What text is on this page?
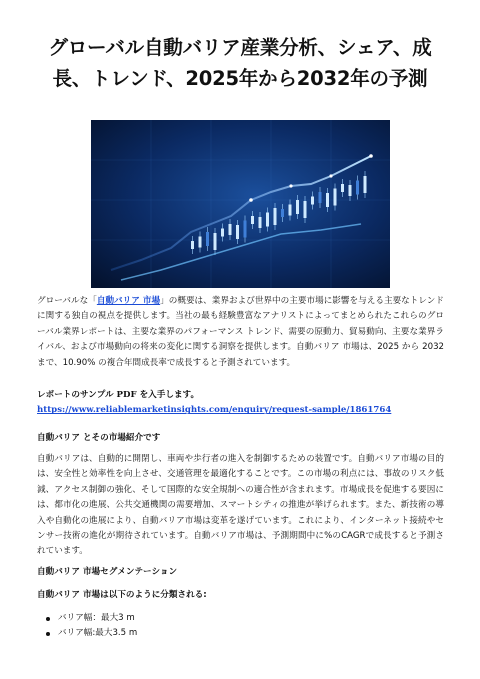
グローバル自動バリア産業分析、シェア、成
長、トレンド、2025年から2032年の予測

グローバルな「自動バリア 市場」の概要は、業界および世界中の主要市場に影響を与える主要なトレンドに関する独自の視点を提供します。当社の最も経験豊富なアナリストによってまとめられたこれらのグローバル業界レポートは、主要な業界のパフォーマンス トレンド、需要の原動力、貿易動向、主要な業界ライバル、および市場動向の将来の変化に関する洞察を提供します。自動バリア 市場は、2025 から 2032 まで、10.90% の複合年間成長率で成長すると予測されています。

レポートのサンプル PDF を入手します。
https://www.reliablemarketinsights.com/enquiry/request-sample/1861764
自動バリア とその市場紹介です

自動バリアは、自動的に開閉し、車両や歩行者の進入を制御するための装置です。自動バリア市場の目的は、安全性と効率性を向上させ、交通管理を最適化することです。この市場の利点には、事故のリスク低減、アクセス制御の強化、そして国際的な安全規制への適合性が含まれます。市場成長を促進する要因には、都市化の進展、公共交通機関の需要増加、スマートシティの推進が挙げられます。また、新技術の導入や自動化の進展により、自動バリア市場は変革を遂げています。これにより、インターネット接続やセンサー技術の進化が期待されています。自動バリア市場は、予測期間中に%のCAGRで成長すると予測されています。

自動バリア 市場セグメンテーション
自動バリア 市場は以下のように分類される:
バリア幅：最大3 m
バリア幅:最大3.5 m
